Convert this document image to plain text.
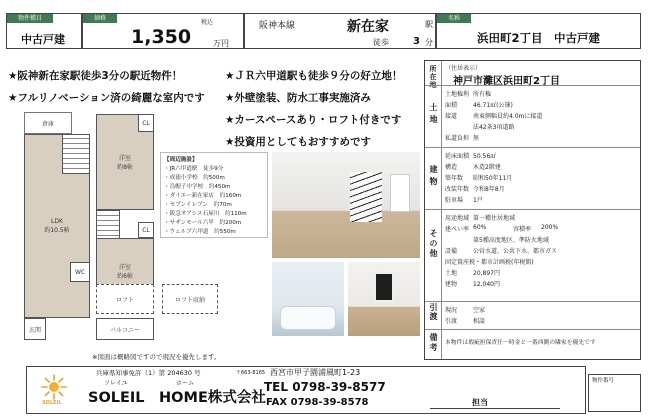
物件種目
中古戸建
価格
税込
1,350	万円
阪神本線	新在家	駅
徒歩 3 分
名称
浜田町2丁目　中古戸建
★阪神新在家駅徒歩3分の駅近物件！	★ＪＲ六甲道駅も徒歩９分の好立地！
★フルリノベーション済の綺麗な室内です ★外壁塗装、防水工事実施済み
★カースペースあり・ロフト付きです
★投資用としてもおすすめです
倉庫
LDK
約10.5帖
WC
玄関
洋室
約8帖
CL
CL
洋室
約6帖
ロフト
バルコニー
ロフト収納
【周辺施設】
・JR六甲道駅　徒歩9分
・成徳小学校　約500m
・烏帽子中学校　約450m
・ダイエー新在家店　約160m
・セブンイレブン　約70m
・阪急オアシス石屋川　約110m
・サザンモール六甲　約200m
・ウェルブ六甲道　約550m
※図面は概略図ですので現況を優先します。
所在地 （住居表示）
神戸市灘区浜田町2丁目
土地
土地権利 所有権
面積	46.71㎡(公簿)
接道	南東側幅員約4.0mに接道
法42条3項道路
私道負担 無
建物
延床面積 50.56㎡
構造	木造2階建
築年数	昭和50年11月
改装年数 令和8年8月
駐車場	1戸
その他
用途地域 第一種住居地域
建ぺい率 60%	容積率	200%
第5種高度地区、準防火地域
設備	公営水道、公共下水、都市ガス
固定資産税・都市計画税(年税額)
土地	20,897円
建物	12,040円
引渡 現況	空家
引渡	相談
備考 本物件は瑕疵担保責任一時金と一番西側の隣家を優先です
兵庫県知事免許（1）第 204630 号	〒663-8165 西宮市甲子園浦風町1-23
SOLEIL
ソレイユ	ホーム
SOLEIL　HOME株式会社
TEL 0798-39-8577
FAX 0798-39-8578	担当
物件番号
